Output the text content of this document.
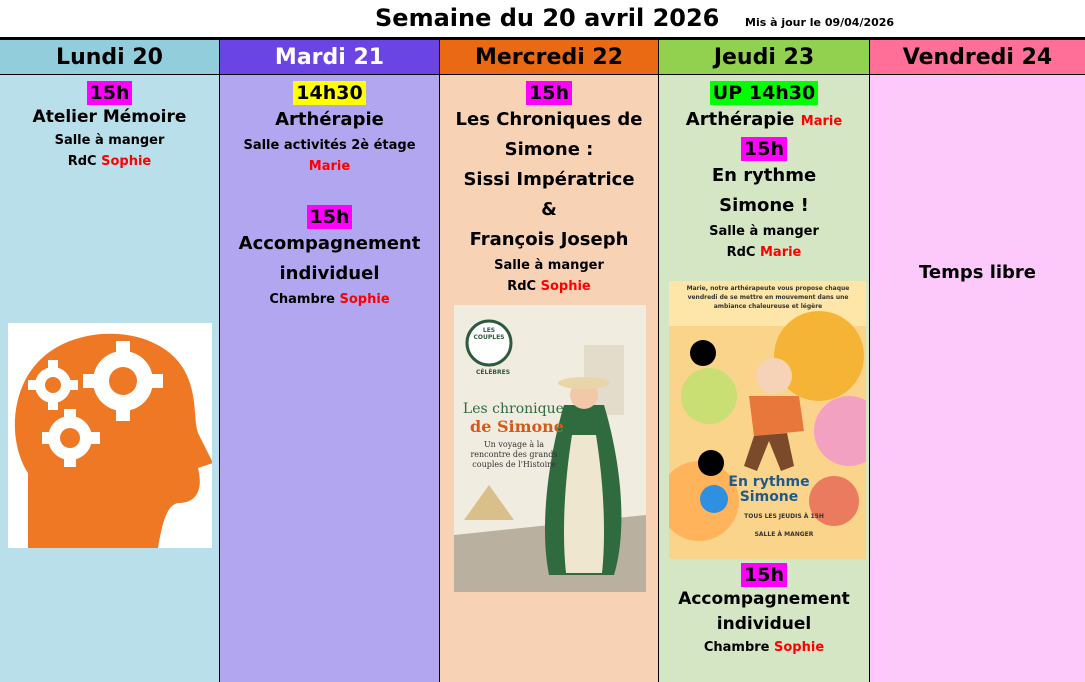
Semaine du 20 avril 2026 Mis à jour le 09/04/2026
Lundi 20
15h
Atelier Mémoire
Salle à manger
RdC Sophie
Mardi 21
14h30
Arthérapie
Salle activités 2è étage
Marie
15h
Accompagnement
individuel
Chambre Sophie
Mercredi 22
15h
Les Chroniques de
Simone :
Sissi Impératrice
&
François Joseph
Salle à manger
RdC Sophie
LES COUPLES
CÉLÈBRES
Les chroniques
de Simone
Un voyage à la rencontre des grands couples de l'Histoire
Jeudi 23
UP 14h30
Arthérapie Marie
15h
En rythme
Simone !
Salle à manger
RdC Marie
Marie, notre arthérapeute vous propose chaque vendredi de se mettre en mouvement dans une ambiance chaleureuse et légère
En rythme
Simone
TOUS LES JEUDIS À 15H
SALLE À MANGER
15h
Accompagnement
individuel
Chambre Sophie
Vendredi 24
Temps libre
